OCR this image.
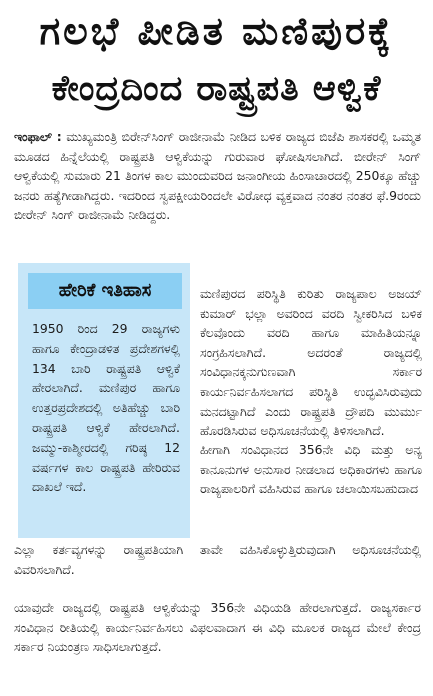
ಗಲಭೆ ಪೀಡಿತ ಮಣಿಪುರಕ್ಕೆ
ಕೇಂದ್ರದಿಂದ ರಾಷ್ಟ್ರಪತಿ ಆಳ್ವಿಕೆ
ಇಂಫಾಲ್ : ಮುಖ್ಯಮಂತ್ರಿ ಬಿರೇನ್‌ಸಿಂಗ್ ರಾಜೀನಾಮೆ ನೀಡಿದ ಬಳಿಕ ರಾಜ್ಯದ ಬಿಜೆಪಿ ಶಾಸಕರಲ್ಲಿ ಒಮ್ಮತ ಮೂಡದ ಹಿನ್ನೆಲೆಯಲ್ಲಿ ರಾಷ್ಟ್ರಪತಿ ಆಳ್ವಿಕೆಯನ್ನು ಗುರುವಾರ ಘೋಷಿಸಲಾಗಿದೆ. ಬೀರೇನ್ ಸಿಂಗ್ ಆಳ್ವಿಕೆಯಲ್ಲಿ ಸುಮಾರು 21 ತಿಂಗಳ ಕಾಲ ಮುಂದುವರಿದ ಜನಾಂಗೀಯ ಹಿಂಸಾಚಾರದಲ್ಲಿ 250ಕ್ಕೂ ಹೆಚ್ಚು ಜನರು ಹತ್ಯೆಗೀಡಾಗಿದ್ದರು. ಇದರಿಂದ ಸ್ವಪಕ್ಷೀಯರಿಂದಲೇ ವಿರೋಧ ವ್ಯಕ್ತವಾದ ನಂತರ ನಂತರ ಫೆ.9ರಂದು ಬೀರೇನ್ ಸಿಂಗ್ ರಾಜೀನಾಮೆ ನೀಡಿದ್ದರು.
ಹೇರಿಕೆ ಇತಿಹಾಸ
1950 ರಿಂದ 29 ರಾಜ್ಯಗಳು ಹಾಗೂ ಕೇಂದ್ರಾಡಳಿತ ಪ್ರದೇಶಗಳಲ್ಲಿ 134 ಬಾರಿ ರಾಷ್ಟ್ರಪತಿ ಆಳ್ವಿಕೆ ಹೇರಲಾಗಿದೆ. ಮಣಿಪುರ ಹಾಗೂ ಉತ್ತರಪ್ರದೇಶದಲ್ಲಿ ಅತಿಹೆಚ್ಚು ಬಾರಿ ರಾಷ್ಟ್ರಪತಿ ಆಳ್ವಿಕೆ ಹೇರಲಾಗಿದೆ. ಜಮ್ಮು-ಕಾಶ್ಮೀರದಲ್ಲಿ ಗರಿಷ್ಠ 12 ವರ್ಷಗಳ ಕಾಲ ರಾಷ್ಟ್ರಪತಿ ಹೇರಿರುವ ದಾಖಲೆ ಇದೆ.
ಮಣಿಪುರದ ಪರಿಸ್ಥಿತಿ ಕುರಿತು ರಾಜ್ಯಪಾಲ ಅಜಯ್ ಕುಮಾರ್ ಭಲ್ಲಾ ಅವರಿಂದ ವರದಿ ಸ್ವೀಕರಿಸಿದ ಬಳಿಕ ಕೆಲವೊಂದು ವರದಿ ಹಾಗೂ ಮಾಹಿತಿಯನ್ನೂ ಸಂಗ್ರಹಿಸಲಾಗಿದೆ. ಅದರಂತೆ ರಾಜ್ಯದಲ್ಲಿ ಸಂವಿಧಾನಕ್ಕನುಗುಣವಾಗಿ ಸರ್ಕಾರ ಕಾರ್ಯನಿರ್ವಹಿಸಲಾಗದ ಪರಿಸ್ಥಿತಿ ಉದ್ಭವಿಸಿರುವುದು ಮನದಟ್ಟಾಗಿದೆ ಎಂದು ರಾಷ್ಟ್ರಪತಿ ದ್ರೌಪದಿ ಮುರ್ಮು ಹೊರಡಿಸಿರುವ ಅಧಿಸೂಚನೆಯಲ್ಲಿ ತಿಳಿಸಲಾಗಿದೆ.
ಹೀಗಾಗಿ ಸಂವಿಧಾನದ 356ನೇ ವಿಧಿ ಮತ್ತು ಅನ್ಯ ಕಾನೂನುಗಳ ಅನುಸಾರ ನೀಡಲಾದ ಅಧಿಕಾರಗಳು ಹಾಗೂ ರಾಜ್ಯಪಾಲರಿಗೆ ವಹಿಸಿರುವ ಹಾಗೂ ಚಲಾಯಿಸಬಹುದಾದ
ಎಲ್ಲಾ ಕರ್ತವ್ಯಗಳನ್ನು ರಾಷ್ಟ್ರಪತಿಯಾಗಿ ತಾವೇ ವಹಿಸಿಕೊಳ್ಳುತ್ತಿರುವುದಾಗಿ ಅಧಿಸೂಚನೆಯಲ್ಲಿ ವಿವರಿಸಲಾಗಿದೆ.
ಯಾವುದೇ ರಾಜ್ಯದಲ್ಲಿ ರಾಷ್ಟ್ರಪತಿ ಆಳ್ವಿಕೆಯನ್ನು 356ನೇ ವಿಧಿಯಡಿ ಹೇರಲಾಗುತ್ತದೆ. ರಾಜ್ಯಸರ್ಕಾರ ಸಂವಿಧಾನ ರೀತಿಯಲ್ಲಿ ಕಾರ್ಯನಿರ್ವಹಿಸಲು ವಿಫಲವಾದಾಗ ಈ ವಿಧಿ ಮೂಲಕ ರಾಜ್ಯದ ಮೇಲೆ ಕೇಂದ್ರ ಸರ್ಕಾರ ನಿಯಂತ್ರಣ ಸಾಧಿಸಲಾಗುತ್ತದೆ.
